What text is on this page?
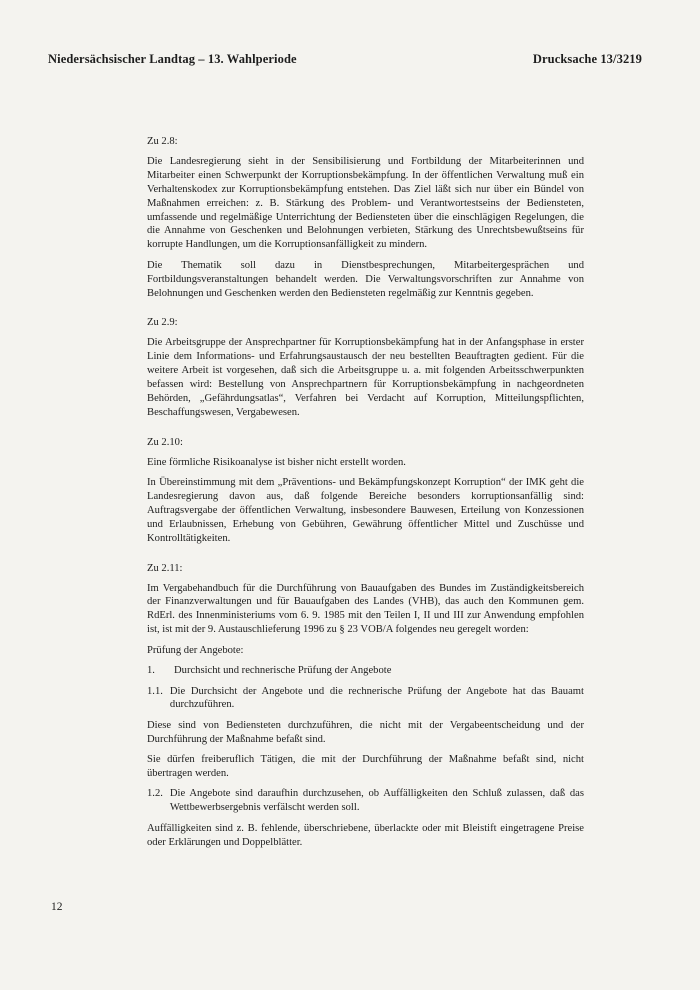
Niedersächsischer Landtag – 13. Wahlperiode	Drucksache 13/3219

Zu 2.8:

Die Landesregierung sieht in der Sensibilisierung und Fortbildung der Mitarbeiterinnen und Mitarbeiter einen Schwerpunkt der Korruptionsbekämpfung. In der öffentlichen Verwaltung muß ein Verhaltenskodex zur Korruptionsbekämpfung entstehen. Das Ziel läßt sich nur über ein Bündel von Maßnahmen erreichen: z. B. Stärkung des Problem- und Verantwortestseins der Bediensteten, umfassende und regelmäßige Unterrichtung der Bediensteten über die einschlägigen Regelungen, die die Annahme von Geschenken und Belohnungen verbieten, Stärkung des Unrechtsbewußtseins für korrupte Handlungen, um die Korruptionsanfälligkeit zu mindern.

Die Thematik soll dazu in Dienstbesprechungen, Mitarbeitergesprächen und Fortbildungsveranstaltungen behandelt werden. Die Verwaltungsvorschriften zur Annahme von Belohnungen und Geschenken werden den Bediensteten regelmäßig zur Kenntnis gegeben.

Zu 2.9:

Die Arbeitsgruppe der Ansprechpartner für Korruptionsbekämpfung hat in der Anfangsphase in erster Linie dem Informations- und Erfahrungsaustausch der neu bestellten Beauftragten gedient. Für die weitere Arbeit ist vorgesehen, daß sich die Arbeitsgruppe u. a. mit folgenden Arbeitsschwerpunkten befassen wird: Bestellung von Ansprechpartnern für Korruptionsbekämpfung in nachgeordneten Behörden, „Gefährdungsatlas“, Verfahren bei Verdacht auf Korruption, Mitteilungspflichten, Beschaffungswesen, Vergabewesen.

Zu 2.10:

Eine förmliche Risikoanalyse ist bisher nicht erstellt worden.

In Übereinstimmung mit dem „Präventions- und Bekämpfungskonzept Korruption“ der IMK geht die Landesregierung davon aus, daß folgende Bereiche besonders korruptionsanfällig sind: Auftragsvergabe der öffentlichen Verwaltung, insbesondere Bauwesen, Erteilung von Konzessionen und Erlaubnissen, Erhebung von Gebühren, Gewährung öffentlicher Mittel und Zuschüsse und Kontrolltätigkeiten.

Zu 2.11:

Im Vergabehandbuch für die Durchführung von Bauaufgaben des Bundes im Zuständigkeitsbereich der Finanzverwaltungen und für Bauaufgaben des Landes (VHB), das auch den Kommunen gem. RdErl. des Innenministeriums vom 6. 9. 1985 mit den Teilen I, II und III zur Anwendung empfohlen ist, ist mit der 9. Austauschlieferung 1996 zu § 23 VOB/A folgendes neu geregelt worden:

Prüfung der Angebote:

1.	Durchsicht und rechnerische Prüfung der Angebote
1.1. Die Durchsicht der Angebote und die rechnerische Prüfung der Angebote hat das Bauamt durchzuführen.

Diese sind von Bediensteten durchzuführen, die nicht mit der Vergabeentscheidung und der Durchführung der Maßnahme befaßt sind.

Sie dürfen freiberuflich Tätigen, die mit der Durchführung der Maßnahme befaßt sind, nicht übertragen werden.

1.2. Die Angebote sind daraufhin durchzusehen, ob Auffälligkeiten den Schluß zulassen, daß das Wettbewerbsergebnis verfälscht werden soll.

Auffälligkeiten sind z. B. fehlende, überschriebene, überlackte oder mit Bleistift eingetragene Preise oder Erklärungen und Doppelblätter.

12
